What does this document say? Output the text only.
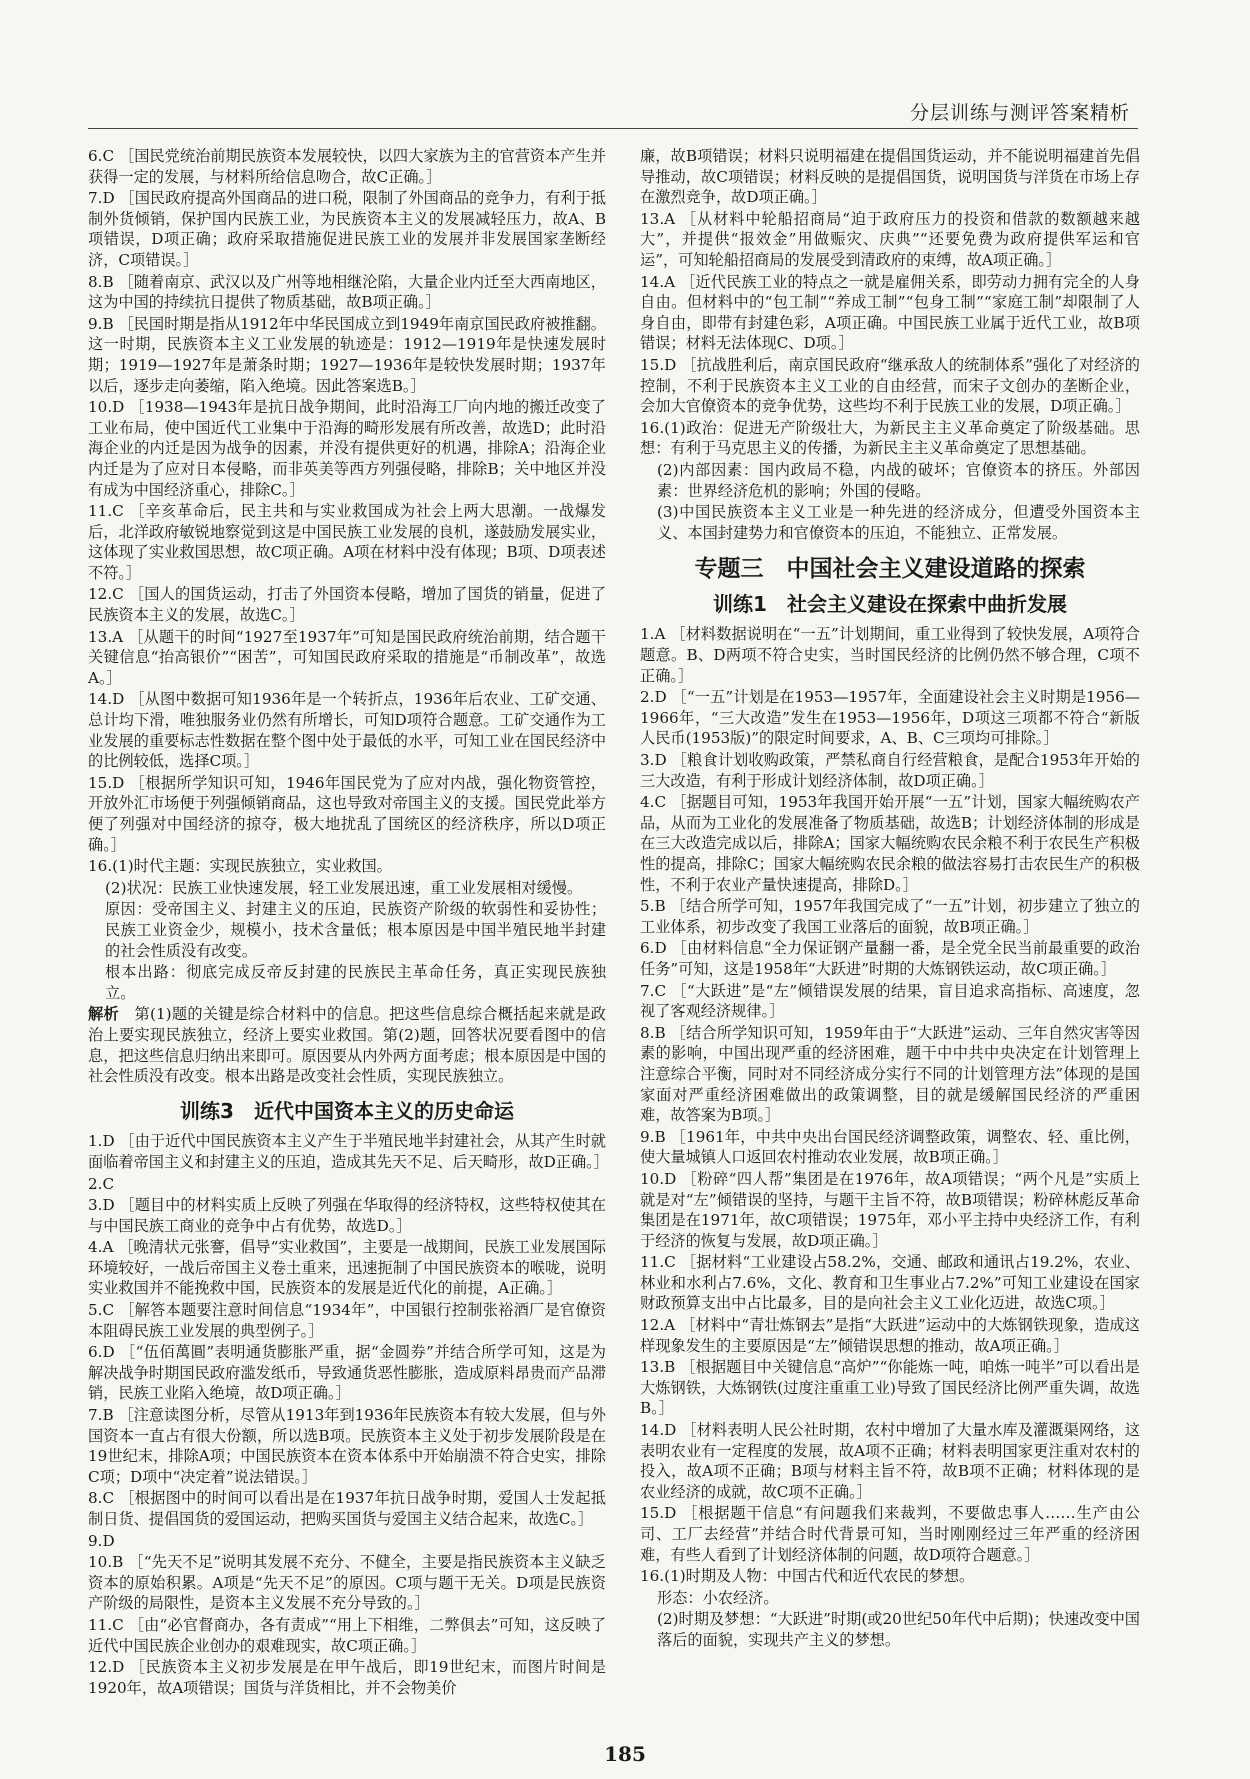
分层训练与测评答案精析

6.C ［国民党统治前期民族资本发展较快，以四大家族为主的官营资本产生并获得一定的发展，与材料所给信息吻合，故C正确。］

7.D ［国民政府提高外国商品的进口税，限制了外国商品的竞争力，有利于抵制外货倾销，保护国内民族工业，为民族资本主义的发展减轻压力，故A、B项错误，D项正确；政府采取措施促进民族工业的发展并非发展国家垄断经济，C项错误。］

8.B ［随着南京、武汉以及广州等地相继沦陷，大量企业内迁至大西南地区，这为中国的持续抗日提供了物质基础，故B项正确。］

9.B ［民国时期是指从1912年中华民国成立到1949年南京国民政府被推翻。这一时期，民族资本主义工业发展的轨迹是：1912—1919年是快速发展时期；1919—1927年是萧条时期；1927—1936年是较快发展时期；1937年以后，逐步走向萎缩，陷入绝境。因此答案选B。］

10.D ［1938—1943年是抗日战争期间，此时沿海工厂向内地的搬迁改变了工业布局，使中国近代工业集中于沿海的畸形发展有所改善，故选D；此时沿海企业的内迁是因为战争的因素，并没有提供更好的机遇，排除A；沿海企业内迁是为了应对日本侵略，而非英美等西方列强侵略，排除B；关中地区并没有成为中国经济重心，排除C。］

11.C ［辛亥革命后，民主共和与实业救国成为社会上两大思潮。一战爆发后，北洋政府敏锐地察觉到这是中国民族工业发展的良机，遂鼓励发展实业，这体现了实业救国思想，故C项正确。A项在材料中没有体现；B项、D项表述不符。］

12.C ［国人的国货运动，打击了外国资本侵略，增加了国货的销量，促进了民族资本主义的发展，故选C。］

13.A ［从题干的时间“1927至1937年”可知是国民政府统治前期，结合题干关键信息“抬高银价”“困苦”，可知国民政府采取的措施是“币制改革”，故选A。］

14.D ［从图中数据可知1936年是一个转折点，1936年后农业、工矿交通、总计均下滑，唯独服务业仍然有所增长，可知D项符合题意。工矿交通作为工业发展的重要标志性数据在整个图中处于最低的水平，可知工业在国民经济中的比例较低，选择C项。］

15.D ［根据所学知识可知，1946年国民党为了应对内战，强化物资管控，开放外汇市场便于列强倾销商品，这也导致对帝国主义的支援。国民党此举方便了列强对中国经济的掠夺，极大地扰乱了国统区的经济秩序，所以D项正确。］

16.(1)时代主题：实现民族独立，实业救国。

(2)状况：民族工业快速发展，轻工业发展迅速，重工业发展相对缓慢。

原因：受帝国主义、封建主义的压迫，民族资产阶级的软弱性和妥协性；民族工业资金少，规模小，技术含量低；根本原因是中国半殖民地半封建的社会性质没有改变。

根本出路：彻底完成反帝反封建的民族民主革命任务，真正实现民族独立。

解析　 第(1)题的关键是综合材料中的信息。把这些信息综合概括起来就是政治上要实现民族独立，经济上要实业救国。第(2)题，回答状况要看图中的信息，把这些信息归纳出来即可。原因要从内外两方面考虑；根本原因是中国的社会性质没有改变。根本出路是改变社会性质，实现民族独立。

训练3　近代中国资本主义的历史命运

1.D ［由于近代中国民族资本主义产生于半殖民地半封建社会，从其产生时就面临着帝国主义和封建主义的压迫，造成其先天不足、后天畸形，故D正确。］

2.C

3.D ［题目中的材料实质上反映了列强在华取得的经济特权，这些特权使其在与中国民族工商业的竞争中占有优势，故选D。］

4.A ［晚清状元张謇，倡导“实业救国”，主要是一战期间，民族工业发展国际环境较好，一战后帝国主义卷土重来，迅速扼制了中国民族资本的喉咙，说明实业救国并不能挽救中国，民族资本的发展是近代化的前提，A正确。］

5.C ［解答本题要注意时间信息“1934年”，中国银行控制张裕酒厂是官僚资本阻碍民族工业发展的典型例子。］

6.D ［“伍佰萬圓”表明通货膨胀严重，据“金圆券”并结合所学可知，这是为解决战争时期国民政府滥发纸币，导致通货恶性膨胀，造成原料昂贵而产品滞销，民族工业陷入绝境，故D项正确。］

7.B ［注意读图分析，尽管从1913年到1936年民族资本有较大发展，但与外国资本一直占有很大份额，所以选B项。民族资本主义处于初步发展阶段是在19世纪末，排除A项；中国民族资本在资本体系中开始崩溃不符合史实，排除C项；D项中“决定着”说法错误。］

8.C ［根据图中的时间可以看出是在1937年抗日战争时期，爱国人士发起抵制日货、提倡国货的爱国运动，把购买国货与爱国主义结合起来，故选C。］

9.D

10.B ［“先天不足”说明其发展不充分、不健全，主要是指民族资本主义缺乏资本的原始积累。A项是“先天不足”的原因。C项与题干无关。D项是民族资产阶级的局限性，是资本主义发展不充分导致的。］

11.C ［由“必官督商办，各有责成”“用上下相维，二弊俱去”可知，这反映了近代中国民族企业创办的艰难现实，故C项正确。］

12.D ［民族资本主义初步发展是在甲午战后，即19世纪末，而图片时间是1920年，故A项错误；国货与洋货相比，并不会物美价

廉，故B项错误；材料只说明福建在提倡国货运动，并不能说明福建首先倡导推动，故C项错误；材料反映的是提倡国货，说明国货与洋货在市场上存在激烈竞争，故D项正确。］

13.A ［从材料中轮船招商局“迫于政府压力的投资和借款的数额越来越大”，并提供“报效金”用做赈灾、庆典”“还要免费为政府提供军运和官运”，可知轮船招商局的发展受到清政府的束缚，故A项正确。］

14.A ［近代民族工业的特点之一就是雇佣关系，即劳动力拥有完全的人身自由。但材料中的“包工制”“养成工制”“包身工制”“家庭工制”却限制了人身自由，即带有封建色彩，A项正确。中国民族工业属于近代工业，故B项错误；材料无法体现C、D项。］

15.D ［抗战胜利后，南京国民政府“继承敌人的统制体系”强化了对经济的控制，不利于民族资本主义工业的自由经营，而宋子文创办的垄断企业，会加大官僚资本的竞争优势，这些均不利于民族工业的发展，D项正确。］

16.(1)政治：促进无产阶级壮大，为新民主主义革命奠定了阶级基础。思想：有利于马克思主义的传播，为新民主主义革命奠定了思想基础。

(2)内部因素：国内政局不稳，内战的破坏；官僚资本的挤压。外部因素：世界经济危机的影响；外国的侵略。

(3)中国民族资本主义工业是一种先进的经济成分，但遭受外国资本主义、本国封建势力和官僚资本的压迫，不能独立、正常发展。

专题三　中国社会主义建设道路的探索
训练1　社会主义建设在探索中曲折发展

1.A ［材料数据说明在“一五”计划期间，重工业得到了较快发展，A项符合题意。B、D两项不符合史实，当时国民经济的比例仍然不够合理，C项不正确。］

2.D ［“一五”计划是在1953—1957年，全面建设社会主义时期是1956—1966年，“三大改造”发生在1953—1956年，D项这三项都不符合“新版人民币(1953版)”的限定时间要求，A、B、C三项均可排除。］

3.D ［粮食计划收购政策，严禁私商自行经营粮食，是配合1953年开始的三大改造，有利于形成计划经济体制，故D项正确。］

4.C ［据题目可知，1953年我国开始开展“一五”计划，国家大幅统购农产品，从而为工业化的发展准备了物质基础，故选B；计划经济体制的形成是在三大改造完成以后，排除A；国家大幅统购农民余粮不利于农民生产积极性的提高，排除C；国家大幅统购农民余粮的做法容易打击农民生产的积极性，不利于农业产量快速提高，排除D。］

5.B ［结合所学可知，1957年我国完成了“一五”计划，初步建立了独立的工业体系，初步改变了我国工业落后的面貌，故B项正确。］

6.D ［由材料信息“全力保证钢产量翻一番，是全党全民当前最重要的政治任务”可知，这是1958年“大跃进”时期的大炼钢铁运动，故C项正确。］

7.C ［“大跃进”是“左”倾错误发展的结果，盲目追求高指标、高速度，忽视了客观经济规律。］

8.B ［结合所学知识可知，1959年由于“大跃进”运动、三年自然灾害等因素的影响，中国出现严重的经济困难，题干中中共中央决定在计划管理上注意综合平衡，同时对不同经济成分实行不同的计划管理方法”体现的是国家面对严重经济困难做出的政策调整，目的就是缓解国民经济的严重困难，故答案为B项。］

9.B ［1961年，中共中央出台国民经济调整政策，调整农、轻、重比例，使大量城镇人口返回农村推动农业发展，故B项正确。］

10.D ［粉碎“四人帮”集团是在1976年，故A项错误；“两个凡是”实质上就是对“左”倾错误的坚持，与题干主旨不符，故B项错误；粉碎林彪反革命集团是在1971年，故C项错误；1975年，邓小平主持中央经济工作，有利于经济的恢复与发展，故D项正确。］

11.C ［据材料“工业建设占58.2%，交通、邮政和通讯占19.2%，农业、林业和水利占7.6%，文化、教育和卫生事业占7.2%”可知工业建设在国家财政预算支出中占比最多，目的是向社会主义工业化迈进，故选C项。］

12.A ［材料中“青壮炼钢去”是指“大跃进”运动中的大炼钢铁现象，造成这样现象发生的主要原因是“左”倾错误思想的推动，故A项正确。］

13.B ［根据题目中关键信息“高炉”“你能炼一吨，咱炼一吨半”可以看出是大炼钢铁，大炼钢铁(过度注重重工业)导致了国民经济比例严重失调，故选B。］

14.D ［材料表明人民公社时期，农村中增加了大量水库及灌溉渠网络，这表明农业有一定程度的发展，故A项不正确；材料表明国家更注重对农村的投入，故A项不正确；B项与材料主旨不符，故B项不正确；材料体现的是农业经济的成就，故C项不正确。］

15.D ［根据题干信息“有问题我们来裁判，不要做忠事人……生产由公司、工厂去经营”并结合时代背景可知，当时刚刚经过三年严重的经济困难，有些人看到了计划经济体制的问题，故D项符合题意。］

16.(1)时期及人物：中国古代和近代农民的梦想。

形态：小农经济。

(2)时期及梦想：“大跃进”时期(或20世纪50年代中后期)；快速改变中国落后的面貌，实现共产主义的梦想。

185
